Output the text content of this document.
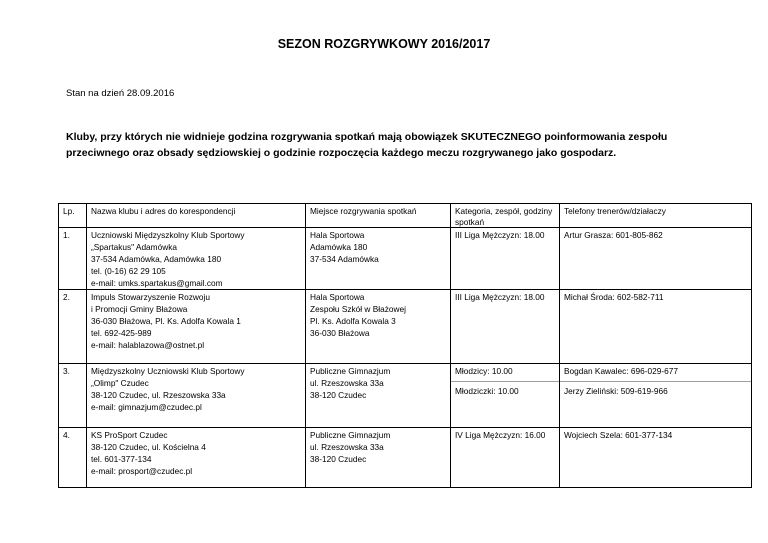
SEZON ROZGRYWKOWY 2016/2017
Stan na dzień 28.09.2016
Kluby, przy których nie widnieje godzina rozgrywania spotkań mają obowiązek SKUTECZNEGO poinformowania zespołu przeciwnego oraz obsady sędziowskiej o godzinie rozpoczęcia każdego meczu rozgrywanego jako gospodarz.
Lp.	Nazwa klubu i adres do korespondencji	Miejsce rozgrywania spotkań	Kategoria, zespół, godziny spotkań	Telefony trenerów/działaczy
1.	Uczniowski Międzyszkolny Klub Sportowy
„Spartakus" Adamówka
37-534 Adamówka, Adamówka 180
tel. (0-16) 62 29 105
e-mail: umks.spartakus@gmail.com	Hala Sportowa
Adamówka 180
37-534 Adamówka	III Liga Mężczyzn: 18.00	Artur Grasza: 601-805-862

2.	Impuls Stowarzyszenie Rozwoju
i Promocji Gminy Błażowa
36-030 Błażowa, Pl. Ks. Adolfa Kowala 1
tel. 692-425-989
e-mail: halablazowa@ostnet.pl	Hala Sportowa
Zespołu Szkół w Błażowej
Pl. Ks. Adolfa Kowala 3
36-030 Błażowa	III Liga Mężczyzn: 18.00	Michał Środa: 602-582-711

3.	Międzyszkolny Uczniowski Klub Sportowy
„Olimp" Czudec
38-120 Czudec, ul. Rzeszowska 33a
e-mail: gimnazjum@czudec.pl	Publiczne Gimnazjum
ul. Rzeszowska 33a
38-120 Czudec	Młodzicy: 10.00
Młodziczki: 10.00	Bogdan Kawalec: 696-029-677
Jerzy Zieliński: 509-619-966

4.	KS ProSport Czudec
38-120 Czudec, ul. Kościelna 4
tel. 601-377-134
e-mail: prosport@czudec.pl	Publiczne Gimnazjum
ul. Rzeszowska 33a
38-120 Czudec	IV Liga Mężczyzn: 16.00	Wojciech Szela: 601-377-134
